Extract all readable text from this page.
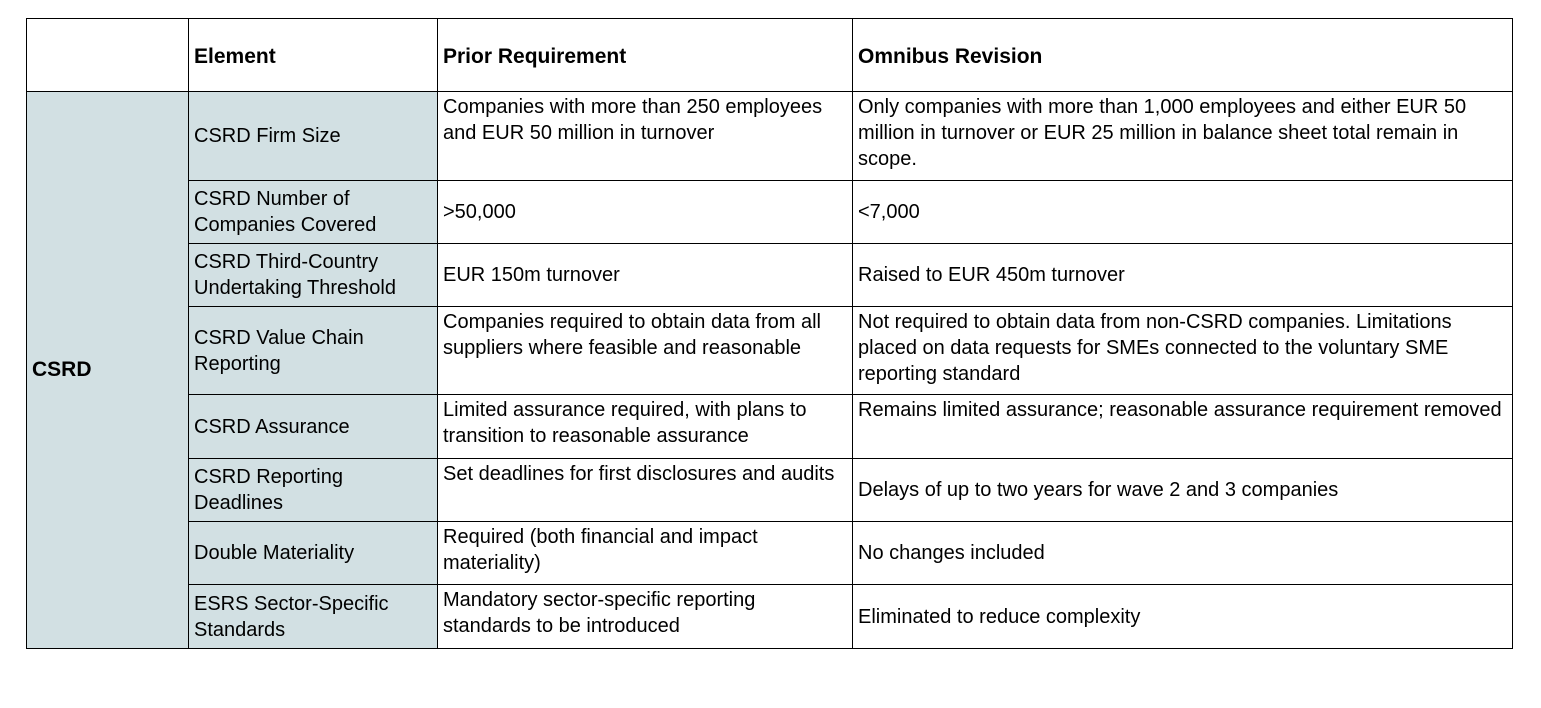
	Element	Prior Requirement	Omnibus Revision
CSRD	CSRD Firm Size	Companies with more than 250 employees and EUR 50 million in turnover	Only companies with more than 1,000 employees and either EUR 50 million in turnover or EUR 25 million in balance sheet total remain in scope.
	CSRD Number of Companies Covered	>50,000	<7,000
	CSRD Third-Country Undertaking Threshold	EUR 150m turnover	Raised to EUR 450m turnover
	CSRD Value Chain Reporting	Companies required to obtain data from all suppliers where feasible and reasonable	Not required to obtain data from non-CSRD companies. Limitations placed on data requests for SMEs connected to the voluntary SME reporting standard
	CSRD Assurance	Limited assurance required, with plans to transition to reasonable assurance	Remains limited assurance; reasonable assurance requirement removed
	CSRD Reporting Deadlines	Set deadlines for first disclosures and audits	Delays of up to two years for wave 2 and 3 companies
	Double Materiality	Required (both financial and impact materiality)	No changes included
	ESRS Sector-Specific Standards	Mandatory sector-specific reporting standards to be introduced	Eliminated to reduce complexity
